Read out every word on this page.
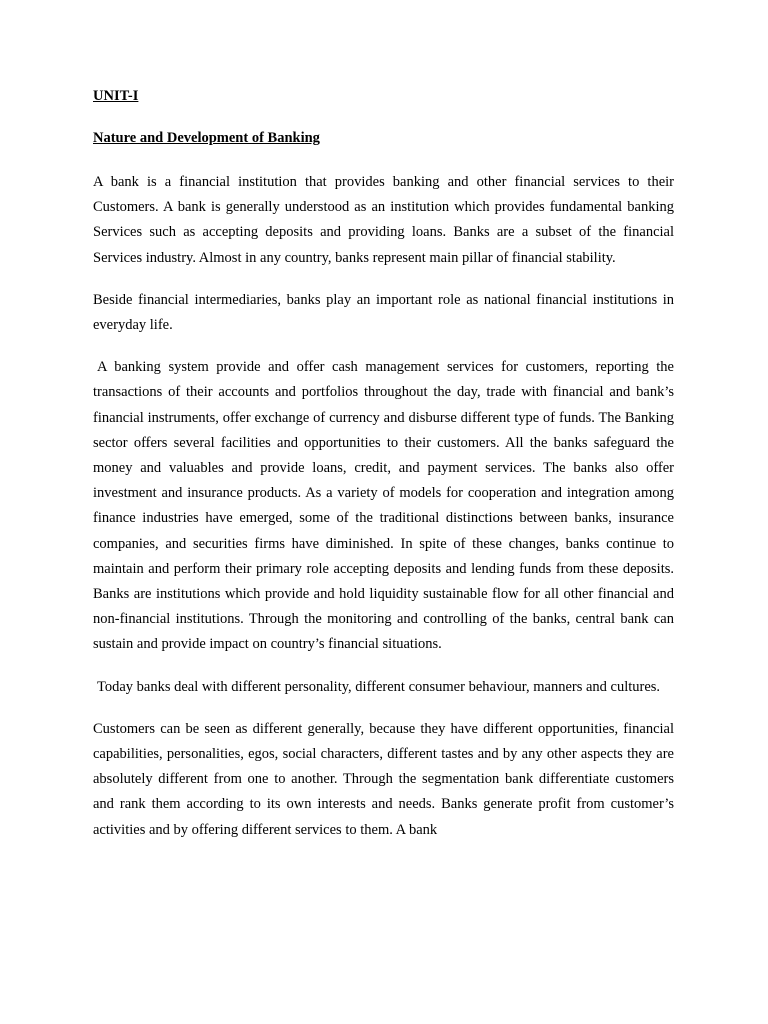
UNIT-I
Nature and Development of Banking

A bank is a financial institution that provides banking and other financial services to their Customers. A bank is generally understood as an institution which provides fundamental banking Services such as accepting deposits and providing loans. Banks are a subset of the financial Services industry. Almost in any country, banks represent main pillar of financial stability.

Beside financial intermediaries, banks play an important role as national financial institutions in everyday life.

A banking system provide and offer cash management services for customers, reporting the transactions of their accounts and portfolios throughout the day, trade with financial and bank’s financial instruments, offer exchange of currency and disburse different type of funds. The Banking sector offers several facilities and opportunities to their customers. All the banks safeguard the money and valuables and provide loans, credit, and payment services. The banks also offer investment and insurance products. As a variety of models for cooperation and integration among finance industries have emerged, some of the traditional distinctions between banks, insurance companies, and securities firms have diminished. In spite of these changes, banks continue to maintain and perform their primary role accepting deposits and lending funds from these deposits. Banks are institutions which provide and hold liquidity sustainable flow for all other financial and non-financial institutions. Through the monitoring and controlling of the banks, central bank can sustain and provide impact on country’s financial situations.

Today banks deal with different personality, different consumer behaviour, manners and cultures.

Customers can be seen as different generally, because they have different opportunities, financial capabilities, personalities, egos, social characters, different tastes and by any other aspects they are absolutely different from one to another. Through the segmentation bank differentiate customers and rank them according to its own interests and needs. Banks generate profit from customer’s activities and by offering different services to them. A bank
